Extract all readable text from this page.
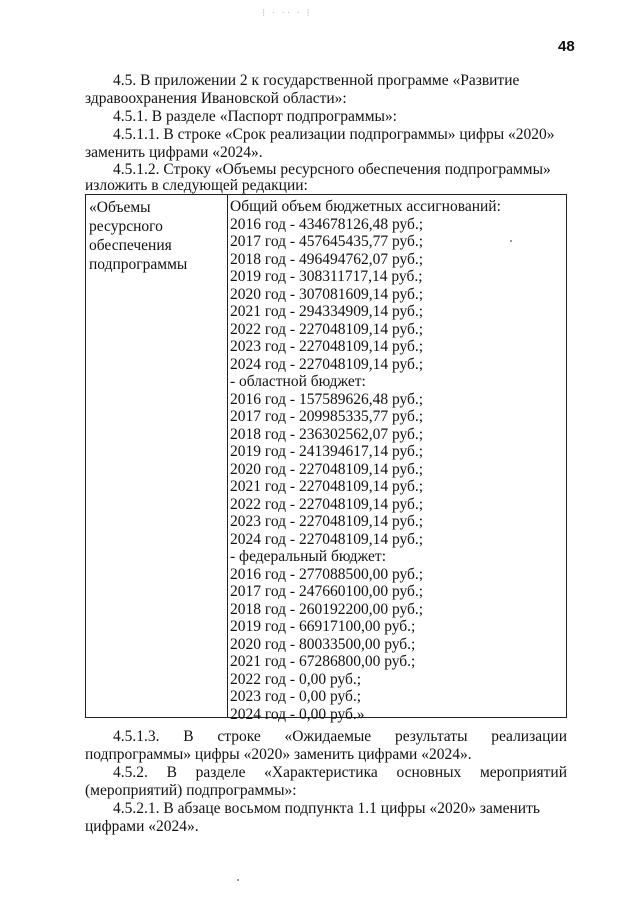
⁝ · ·· · ⁝
48
4.5. В приложении 2 к государственной программе «Развитие
здравоохранения Ивановской области»:
4.5.1. В разделе «Паспорт подпрограммы»:
4.5.1.1. В строке «Срок реализации подпрограммы» цифры «2020»
заменить цифрами «2024».
4.5.1.2. Строку «Объемы ресурсного обеспечения подпрограммы»
изложить в следующей редакции:
«Объемы ресурсного
обеспечения
подпрограммы
Общий объем бюджетных ассигнований:
2016 год - 434678126,48 руб.;
2017 год - 457645435,77 руб.;
2018 год - 496494762,07 руб.;
2019 год - 308311717,14 руб.;
2020 год - 307081609,14 руб.;
2021 год - 294334909,14 руб.;
2022 год - 227048109,14 руб.;
2023 год - 227048109,14 руб.;
2024 год - 227048109,14 руб.;
- областной бюджет:
2016 год - 157589626,48 руб.;
2017 год - 209985335,77 руб.;
2018 год - 236302562,07 руб.;
2019 год - 241394617,14 руб.;
2020 год - 227048109,14 руб.;
2021 год - 227048109,14 руб.;
2022 год - 227048109,14 руб.;
2023 год - 227048109,14 руб.;
2024 год - 227048109,14 руб.;
- федеральный бюджет:
2016 год - 277088500,00 руб.;
2017 год - 247660100,00 руб.;
2018 год - 260192200,00 руб.;
2019 год - 66917100,00 руб.;
2020 год - 80033500,00 руб.;
2021 год - 67286800,00 руб.;
2022 год - 0,00 руб.;
2023 год - 0,00 руб.;
2024 год - 0,00 руб.»
4.5.1.3. В строке «Ожидаемые результаты реализации
подпрограммы» цифры «2020» заменить цифрами «2024».
4.5.2. В разделе «Характеристика основных мероприятий
(мероприятий) подпрограммы»:
4.5.2.1. В абзаце восьмом подпункта 1.1 цифры «2020» заменить
цифрами «2024».
